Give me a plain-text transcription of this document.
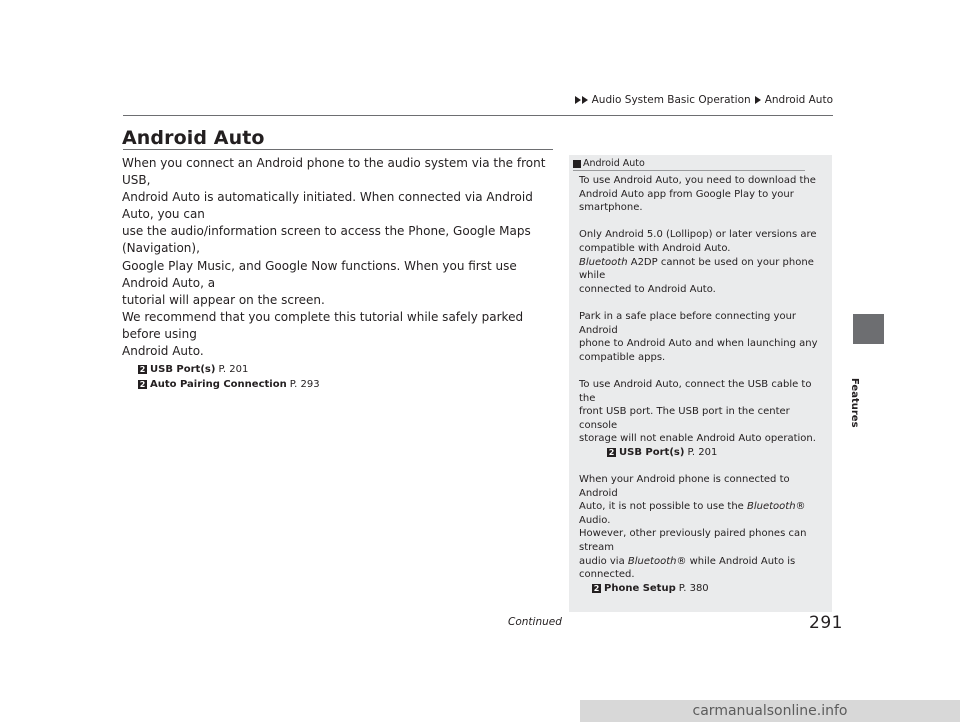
Audio System Basic Operation Android Auto
Android Auto
When you connect an Android phone to the audio system via the front USB,
Android Auto is automatically initiated. When connected via Android Auto, you can
use the audio/information screen to access the Phone, Google Maps (Navigation),
Google Play Music, and Google Now functions. When you first use Android Auto, a
tutorial will appear on the screen.
We recommend that you complete this tutorial while safely parked before using
Android Auto.
2 USB Port(s) P. 201
2 Auto Pairing Connection P. 293	Features
Android Auto

To use Android Auto, you need to download the
Android Auto app from Google Play to your
smartphone.

Only Android 5.0 (Lollipop) or later versions are
compatible with Android Auto.
Bluetooth A2DP cannot be used on your phone while
connected to Android Auto.

Park in a safe place before connecting your Android
phone to Android Auto and when launching any
compatible apps.

To use Android Auto, connect the USB cable to the
front USB port. The USB port in the center console
storage will not enable Android Auto operation.

2 USB Port(s) P. 201

When your Android phone is connected to Android
Auto, it is not possible to use the Bluetooth® Audio.
However, other previously paired phones can stream
audio via Bluetooth® while Android Auto is
connected.

2 Phone Setup P. 380
Continued	291
carmanualsonline.info
